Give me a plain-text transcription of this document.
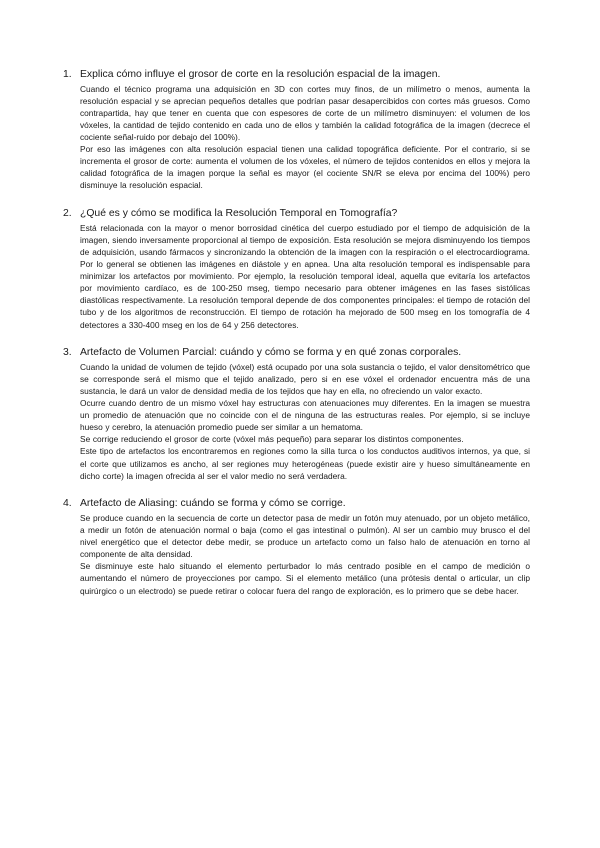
1. Explica cómo influye el grosor de corte en la resolución espacial de la imagen.

Cuando el técnico programa una adquisición en 3D con cortes muy finos, de un milímetro o menos, aumenta la resolución espacial y se aprecian pequeños detalles que podrían pasar desapercibidos con cortes más gruesos. Como contrapartida, hay que tener en cuenta que con espesores de corte de un milímetro disminuyen: el volumen de los vóxeles, la cantidad de tejido contenido en cada uno de ellos y también la calidad fotográfica de la imagen (decrece el cociente señal-ruido por debajo del 100%).

Por eso las imágenes con alta resolución espacial tienen una calidad topográfica deficiente. Por el contrario, si se incrementa el grosor de corte: aumenta el volumen de los vóxeles, el número de tejidos contenidos en ellos y mejora la calidad fotográfica de la imagen porque la señal es mayor (el cociente SN/R se eleva por encima del 100%) pero disminuye la resolución espacial.

2. ¿Qué es y cómo se modifica la Resolución Temporal en Tomografía?

Está relacionada con la mayor o menor borrosidad cinética del cuerpo estudiado por el tiempo de adquisición de la imagen, siendo inversamente proporcional al tiempo de exposición. Esta resolución se mejora disminuyendo los tiempos de adquisición, usando fármacos y sincronizando la obtención de la imagen con la respiración o el electrocardiograma. Por lo general se obtienen las imágenes en diástole y en apnea. Una alta resolución temporal es indispensable para minimizar los artefactos por movimiento. Por ejemplo, la resolución temporal ideal, aquella que evitaría los artefactos por movimiento cardíaco, es de 100-250 mseg, tiempo necesario para obtener imágenes en las fases sistólicas diastólicas respectivamente. La resolución temporal depende de dos componentes principales: el tiempo de rotación del tubo y de los algoritmos de reconstrucción. El tiempo de rotación ha mejorado de 500 mseg en los tomografía de 4 detectores a 330-400 mseg en los de 64 y 256 detectores.

3. Artefacto de Volumen Parcial: cuándo y cómo se forma y en qué zonas corporales.

Cuando la unidad de volumen de tejido (vóxel) está ocupado por una sola sustancia o tejido, el valor densitométrico que se corresponde será el mismo que el tejido analizado, pero si en ese vóxel el ordenador encuentra más de una sustancia, le dará un valor de densidad media de los tejidos que hay en ella, no ofreciendo un valor exacto.

Ocurre cuando dentro de un mismo vóxel hay estructuras con atenuaciones muy diferentes. En la imagen se muestra un promedio de atenuación que no coincide con el de ninguna de las estructuras reales. Por ejemplo, si se incluye hueso y cerebro, la atenuación promedio puede ser similar a un hematoma.

Se corrige reduciendo el grosor de corte (vóxel más pequeño) para separar los distintos componentes.

Este tipo de artefactos los encontraremos en regiones como la silla turca o los conductos auditivos internos, ya que, si el corte que utilizamos es ancho, al ser regiones muy heterogéneas (puede existir aire y hueso simultáneamente en dicho corte) la imagen ofrecida al ser el valor medio no será verdadera.

4. Artefacto de Aliasing: cuándo se forma y cómo se corrige.

Se produce cuando en la secuencia de corte un detector pasa de medir un fotón muy atenuado, por un objeto metálico, a medir un fotón de atenuación normal o baja (como el gas intestinal o pulmón). Al ser un cambio muy brusco el del nivel energético que el detector debe medir, se produce un artefacto como un falso halo de atenuación en torno al componente de alta densidad.

Se disminuye este halo situando el elemento perturbador lo más centrado posible en el campo de medición o aumentando el número de proyecciones por campo. Si el elemento metálico (una prótesis dental o articular, un clip quirúrgico o un electrodo) se puede retirar o colocar fuera del rango de exploración, es lo primero que se debe hacer.
